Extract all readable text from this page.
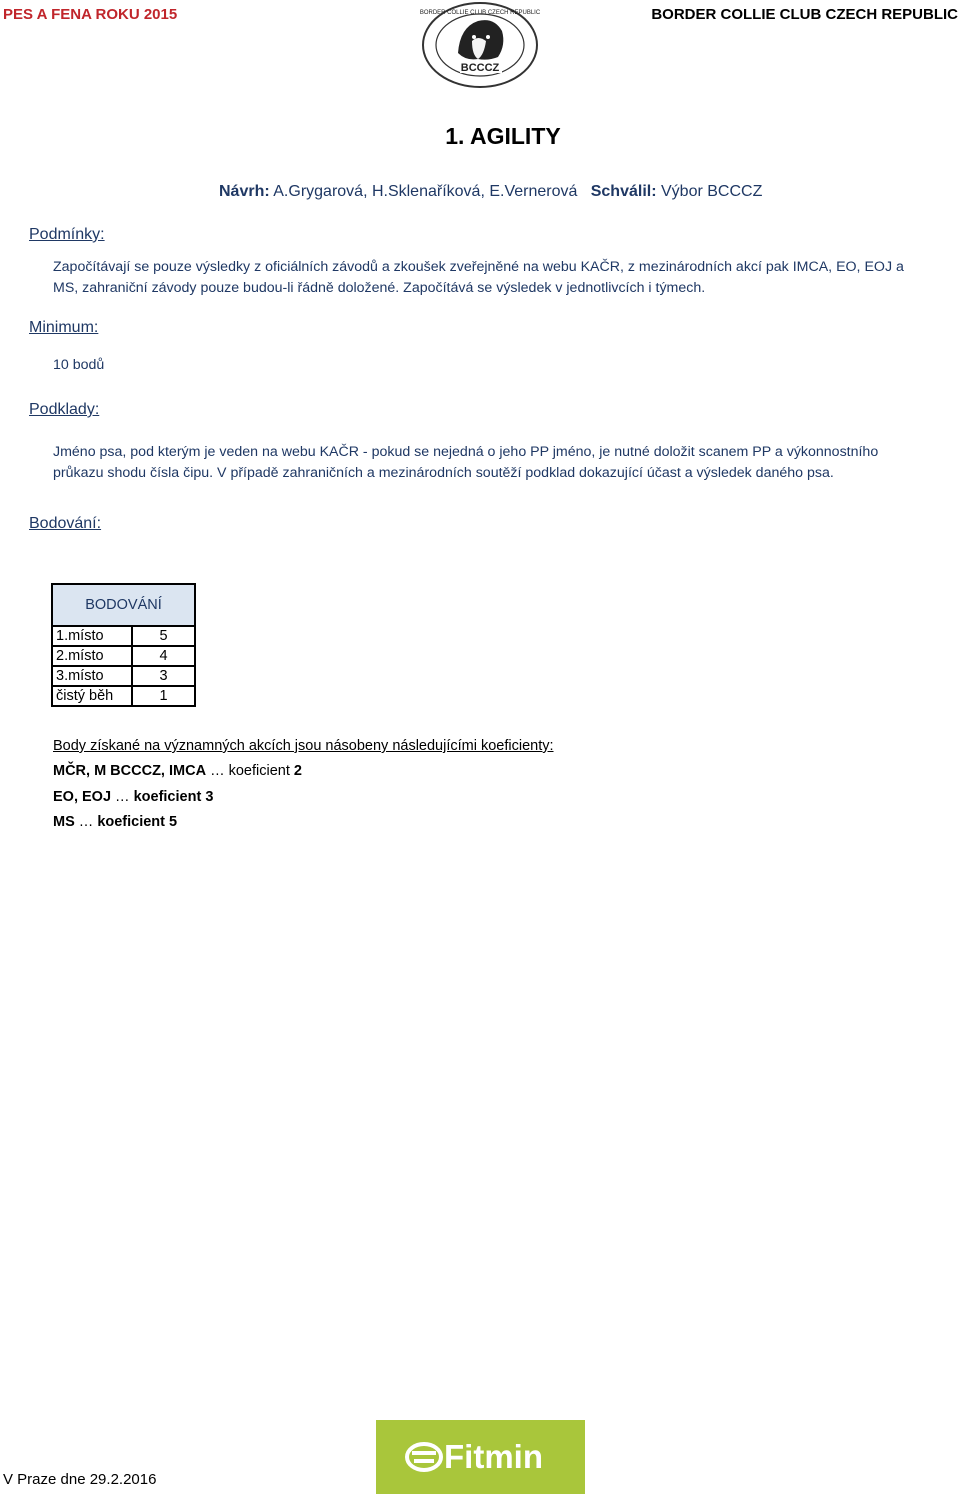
PES A FENA ROKU 2015	BORDER COLLIE CLUB CZECH REPUBLIC
BCCCZ
BORDER COLLIE CLUB CZECH REPUBLIC
1. AGILITY
Návrh: A.Grygarová, H.Sklenaříková, E.Vernerová Schválil: Výbor BCCCZ
Podmínky:
Započítávají se pouze výsledky z oficiálních závodů a zkoušek zveřejněné na webu KAČR, z mezinárodních akcí pak IMCA, EO, EOJ a MS, zahraniční závody pouze budou-li řádně doložené. Započítává se výsledek v jednotlivcích i týmech.
Minimum:
10 bodů
Podklady:
Jméno psa, pod kterým je veden na webu KAČR - pokud se nejedná o jeho PP jméno, je nutné doložit scanem PP a výkonnostního průkazu shodu čísla čipu. V případě zahraničních a mezinárodních soutěží podklad dokazující účast a výsledek daného psa.
Bodování:
BODOVÁNÍ	
1.místo	5
2.místo	4
3.místo	3
čistý běh	1
Body získané na významných akcích jsou násobeny následujícími koeficienty:
MČR, M BCCCZ, IMCA … koeficient 2
EO, EOJ … koeficient 3
MS … koeficient 5
V Praze dne 29.2.2016
Fitmin
